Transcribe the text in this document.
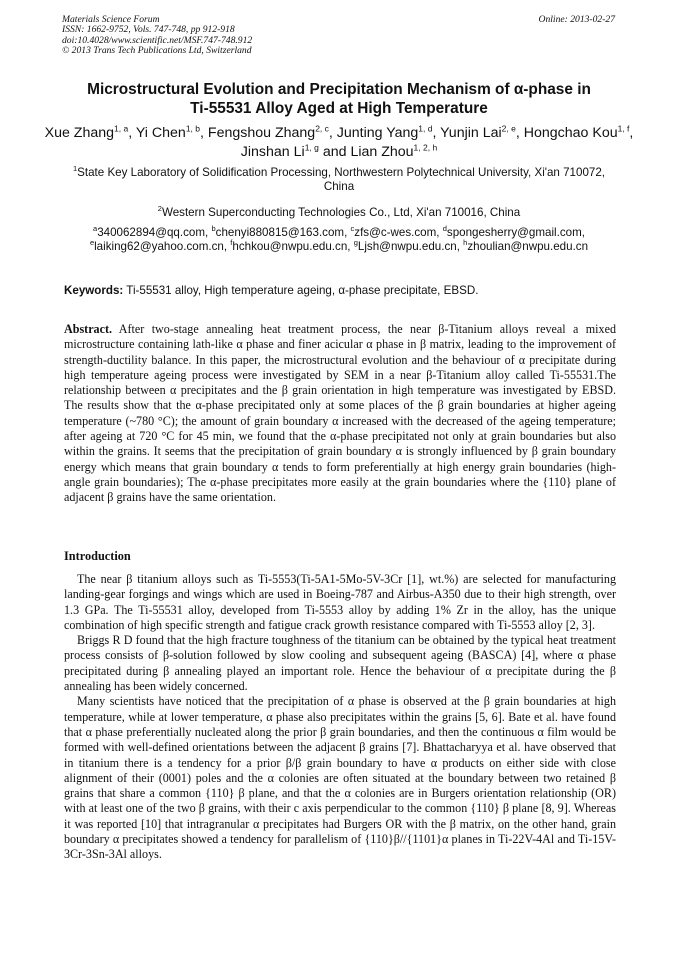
Materials Science Forum
ISSN: 1662-9752, Vols. 747-748, pp 912-918
doi:10.4028/www.scientific.net/MSF.747-748.912
© 2013 Trans Tech Publications Ltd, Switzerland
Online: 2013-02-27
Microstructural Evolution and Precipitation Mechanism of α-phase in
Ti-55531 Alloy Aged at High Temperature
Xue Zhang$^{1, a}$, Yi Chen$^{1, b}$, Fengshou Zhang$^{2, c}$, Junting Yang$^{1, d}$, Yunjin Lai$^{2, e}$, Hongchao Kou$^{1, f}$, Jinshan Li$^{1, g}$ and Lian Zhou$^{1, 2, h}$
$^1$State Key Laboratory of Solidification Processing, Northwestern Polytechnical University, Xi'an 710072, China
$^2$Western Superconducting Technologies Co., Ltd, Xi'an 710016, China
$^a$340062894@qq.com, $^b$chenyi880815@163.com, $^c$zfs@c-wes.com, $^d$spongesherry@gmail.com, $^e$laiking62@yahoo.com.cn, $^f$hchkou@nwpu.edu.cn, $^g$Ljsh@nwpu.edu.cn, $^h$zhoulian@nwpu.edu.cn
Keywords: Ti-55531 alloy, High temperature ageing, α-phase precipitate, EBSD.
Abstract. After two-stage annealing heat treatment process, the near β-Titanium alloys reveal a mixed microstructure containing lath-like α phase and finer acicular α phase in β matrix, leading to the improvement of strength-ductility balance. In this paper, the microstructural evolution and the behaviour of α precipitate during high temperature ageing process were investigated by SEM in a near β-Titanium alloy called Ti-55531.The relationship between α precipitates and the β grain orientation in high temperature was investigated by EBSD. The results show that the α-phase precipitated only at some places of the β grain boundaries at higher ageing temperature (~780 °C); the amount of grain boundary α increased with the decreased of the ageing temperature; after ageing at 720 °C for 45 min, we found that the α-phase precipitated not only at grain boundaries but also within the grains. It seems that the precipitation of grain boundary α is strongly influenced by β grain boundary energy which means that grain boundary α tends to form preferentially at high energy grain boundaries (high-angle grain boundaries); The α-phase precipitates more easily at the grain boundaries where the {110} plane of adjacent β grains have the same orientation.
Introduction

The near β titanium alloys such as Ti-5553(Ti-5A1-5Mo-5V-3Cr [1], wt.%) are selected for manufacturing landing-gear forgings and wings which are used in Boeing-787 and Airbus-A350 due to their high strength, over 1.3 GPa. The Ti-55531 alloy, developed from Ti-5553 alloy by adding 1% Zr in the alloy, has the unique combination of high specific strength and fatigue crack growth resistance compared with Ti-5553 alloy [2, 3].

Briggs R D found that the high fracture toughness of the titanium can be obtained by the typical heat treatment process consists of β-solution followed by slow cooling and subsequent ageing (BASCA) [4], where α phase precipitated during β annealing played an important role. Hence the behaviour of α precipitate during the β annealing has been widely concerned.

Many scientists have noticed that the precipitation of α phase is observed at the β grain boundaries at high temperature, while at lower temperature, α phase also precipitates within the grains [5, 6]. Bate et al. have found that α phase preferentially nucleated along the prior β grain boundaries, and then the continuous α film would be formed with well-defined orientations between the adjacent β grains [7]. Bhattacharyya et al. have observed that in titanium there is a tendency for a prior β/β grain boundary to have α products on either side with close alignment of their (0001) poles and the α colonies are often situated at the boundary between two retained β grains that share a common {110} β plane, and that the α colonies are in Burgers orientation relationship (OR) with at least one of the two β grains, with their c axis perpendicular to the common {110} β plane [8, 9]. Whereas it was reported [10] that intragranular α precipitates had Burgers OR with the β matrix, on the other hand, grain boundary α precipitates showed a tendency for parallelism of {110}β//{1101}α planes in Ti-22V-4Al and Ti-15V-3Cr-3Sn-3Al alloys.
